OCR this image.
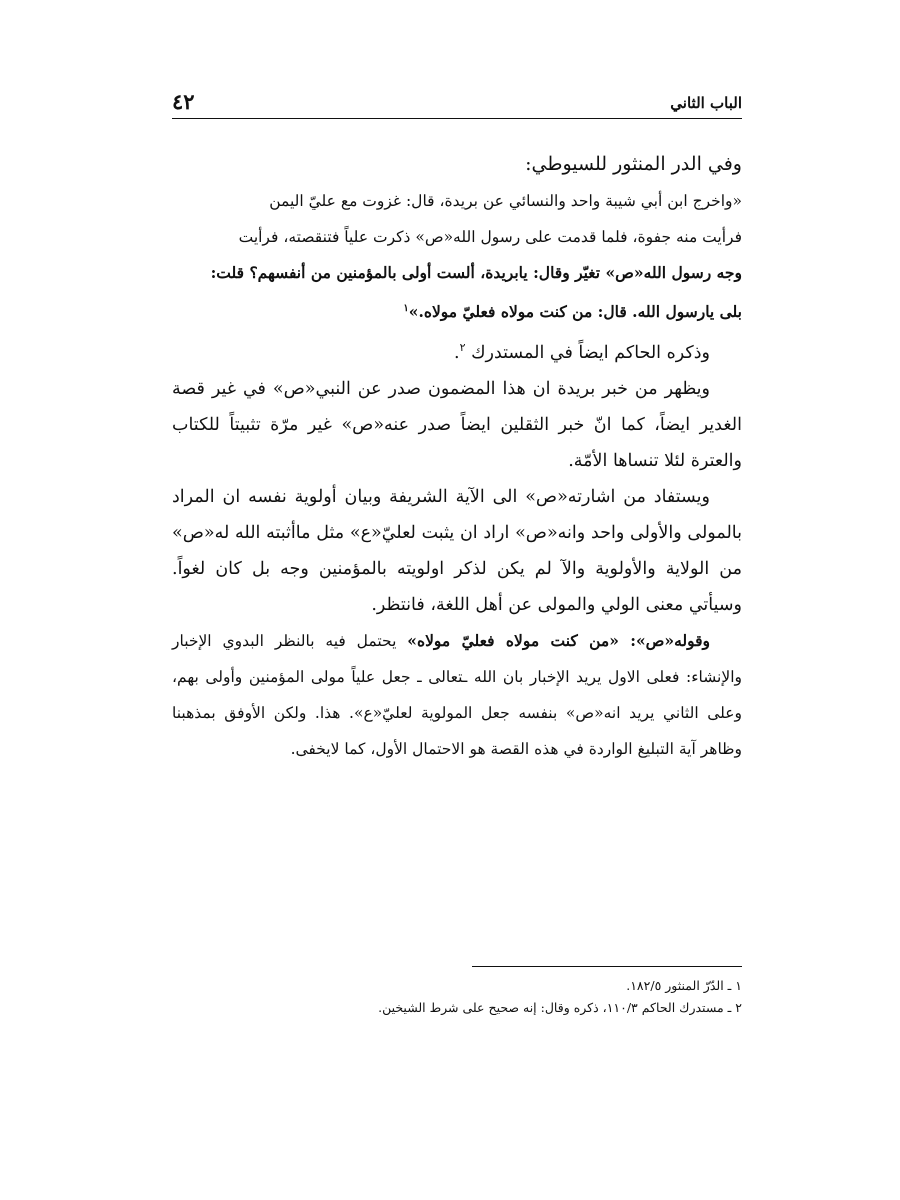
الباب الثاني
٤٢

وفي الدر المنثور للسيوطي:

«واخرج ابن أبي شيبة واحد والنسائي عن بريدة، قال: غزوت مع عليّ اليمن
فرأيت منه جفوة، فلما قدمت على رسول الله«ص» ذكرت علياً فتنقصته، فرأيت
وجه رسول الله«ص» تغيّر وقال: يابريدة، ألست أولى بالمؤمنين من أنفسهم؟ قلت:
بلى يارسول الله. قال: من كنت مولاه فعليّ مولاه.»$^١$

وذكره الحاكم ايضاً في المستدرك $^٢$.

ويظهر من خبر بريدة ان هذا المضمون صدر عن النبي«ص» في غير قصة الغدير ايضاً، كما انّ خبر الثقلين ايضاً صدر عنه«ص» غير مرّة تثبيتاً للكتاب والعترة لئلا تنساها الأمّة.

ويستفاد من اشارته«ص» الى الآية الشريفة وبيان أولوية نفسه ان المراد بالمولى والأولى واحد وانه«ص» اراد ان يثبت لعليّ«ع» مثل ماأثبته الله له«ص» من الولاية والأولوية والآ لم يكن لذكر اولويته بالمؤمنين وجه بل كان لغواً. وسيأتي معنى الولي والمولى عن أهل اللغة، فانتظر.

وقوله«ص»: «من كنت مولاه فعليّ مولاه» يحتمل فيه بالنظر البدوي الإخبار والإنشاء: فعلى الاول يريد الإخبار بان الله ـتعالى ـ جعل علياً مولى المؤمنين وأولى بهم، وعلى الثاني يريد انه«ص» بنفسه جعل المولوية لعليّ«ع». هذا. ولكن الأوفق بمذهبنا وظاهر آية التبليغ الواردة في هذه القصة هو الاحتمال الأول، كما لايخفى.

١ ـ الدّرّ المنثور ١٨٢/٥.
٢ ـ مستدرك الحاكم ١١٠/٣، ذكره وقال: إنه صحيح على شرط الشيخين.
